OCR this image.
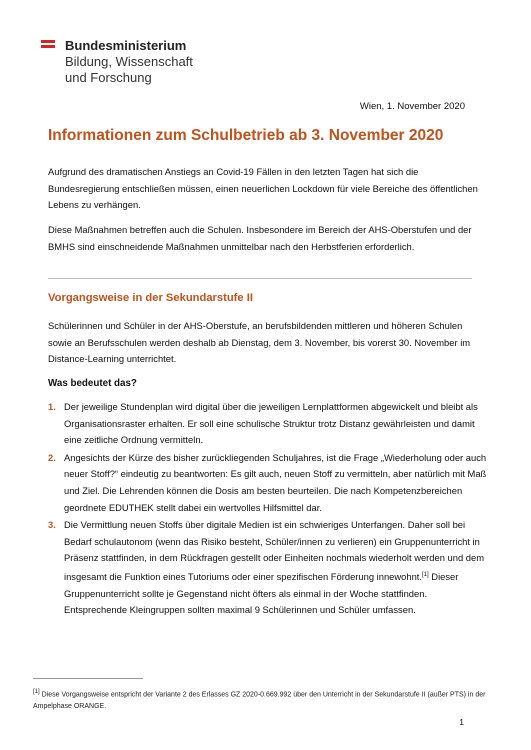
Bundesministerium
Bildung, Wissenschaft
und Forschung
Wien, 1. November 2020
Informationen zum Schulbetrieb ab 3. November 2020
Aufgrund des dramatischen Anstiegs an Covid-19 Fällen in den letzten Tagen hat sich die Bundesregierung entschließen müssen, einen neuerlichen Lockdown für viele Bereiche des öffentlichen Lebens zu verhängen.
Diese Maßnahmen betreffen auch die Schulen. Insbesondere im Bereich der AHS-Oberstufen und der BMHS sind einschneidende Maßnahmen unmittelbar nach den Herbstferien erforderlich.
Vorgangsweise in der Sekundarstufe II
Schülerinnen und Schüler in der AHS-Oberstufe, an berufsbildenden mittleren und höheren Schulen sowie an Berufsschulen werden deshalb ab Dienstag, dem 3. November, bis vorerst 30. November im Distance-Learning unterrichtet.
Was bedeutet das?
1. Der jeweilige Stundenplan wird digital über die jeweiligen Lernplattformen abgewickelt und bleibt als Organisationsraster erhalten. Er soll eine schulische Struktur trotz Distanz gewährleisten und damit eine zeitliche Ordnung vermitteln.
2. Angesichts der Kürze des bisher zurückliegenden Schuljahres, ist die Frage „Wiederholung oder auch neuer Stoff?“ eindeutig zu beantworten: Es gilt auch, neuen Stoff zu vermitteln, aber natürlich mit Maß und Ziel. Die Lehrenden können die Dosis am besten beurteilen. Die nach Kompetenzbereichen geordnete EDUTHEK stellt dabei ein wertvolles Hilfsmittel dar.
3. Die Vermittlung neuen Stoffs über digitale Medien ist ein schwieriges Unterfangen. Daher soll bei Bedarf schulautonom (wenn das Risiko besteht, Schüler/innen zu verlieren) ein Gruppenunterricht in Präsenz stattfinden, in dem Rückfragen gestellt oder Einheiten nochmals wiederholt werden und dem insgesamt die Funktion eines Tutoriums oder einer spezifischen Förderung innewohnt.[1] Dieser Gruppenunterricht sollte je Gegenstand nicht öfters als einmal in der Woche stattfinden. Entsprechende Kleingruppen sollten maximal 9 Schülerinnen und Schüler umfassen.
[1] Diese Vorgangsweise entspricht der Variante 2 des Erlasses GZ 2020-0.669.992 über den Unterricht in der Sekundarstufe II (außer PTS) in der Ampelphase ORANGE.
1
